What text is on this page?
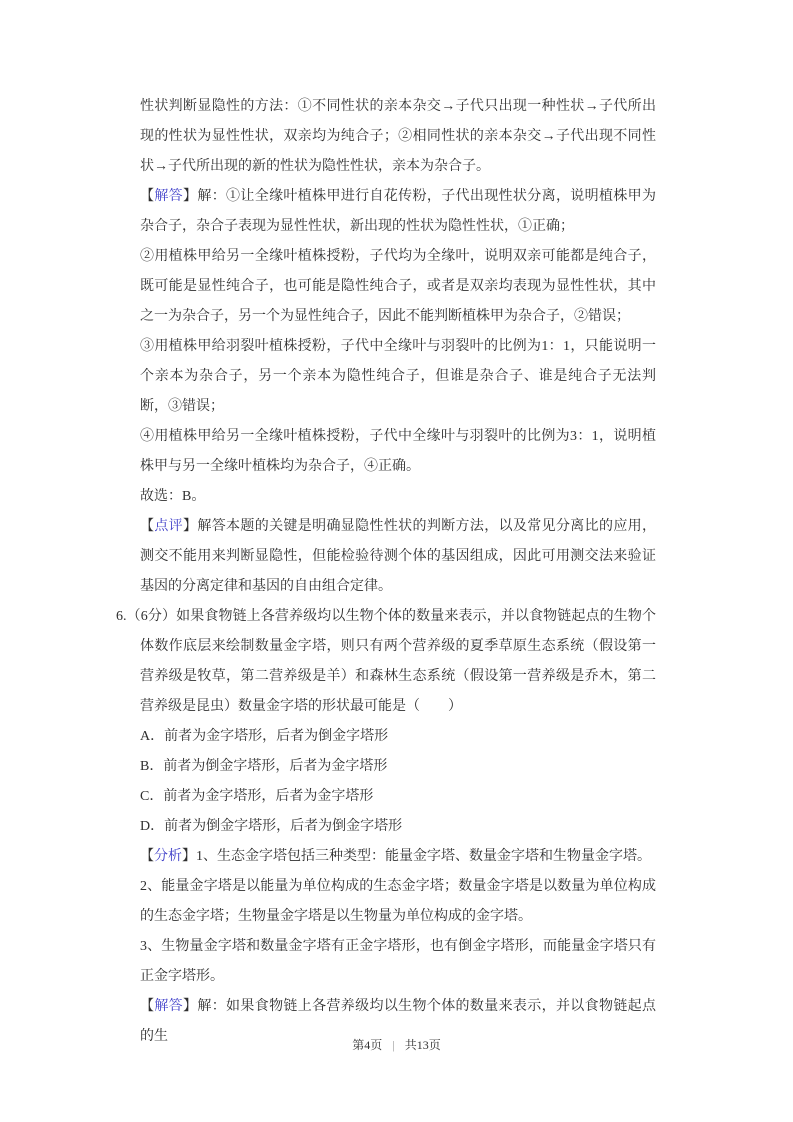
性状判断显隐性的方法：①不同性状的亲本杂交→子代只出现一种性状→子代所出现的性状为显性性状，双亲均为纯合子；②相同性状的亲本杂交→子代出现不同性状→子代所出现的新的性状为隐性性状，亲本为杂合子。

【解答】解：①让全缘叶植株甲进行自花传粉，子代出现性状分离，说明植株甲为杂合子，杂合子表现为显性性状，新出现的性状为隐性性状，①正确；

②用植株甲给另一全缘叶植株授粉，子代均为全缘叶，说明双亲可能都是纯合子，既可能是显性纯合子，也可能是隐性纯合子，或者是双亲均表现为显性性状，其中之一为杂合子，另一个为显性纯合子，因此不能判断植株甲为杂合子，②错误；

③用植株甲给羽裂叶植株授粉，子代中全缘叶与羽裂叶的比例为1：1，只能说明一个亲本为杂合子，另一个亲本为隐性纯合子，但谁是杂合子、谁是纯合子无法判断，③错误；

④用植株甲给另一全缘叶植株授粉，子代中全缘叶与羽裂叶的比例为3：1，说明植株甲与另一全缘叶植株均为杂合子，④正确。

故选：B。

【点评】解答本题的关键是明确显隐性性状的判断方法，以及常见分离比的应用，测交不能用来判断显隐性，但能检验待测个体的基因组成，因此可用测交法来验证基因的分离定律和基因的自由组合定律。

6.（6分）如果食物链上各营养级均以生物个体的数量来表示，并以食物链起点的生物个体数作底层来绘制数量金字塔，则只有两个营养级的夏季草原生态系统（假设第一营养级是牧草，第二营养级是羊）和森林生态系统（假设第一营养级是乔木，第二营养级是昆虫）数量金字塔的形状最可能是（　　）

A．前者为金字塔形，后者为倒金字塔形

B．前者为倒金字塔形，后者为金字塔形

C．前者为金字塔形，后者为金字塔形

D．前者为倒金字塔形，后者为倒金字塔形

【分析】1、生态金字塔包括三种类型：能量金字塔、数量金字塔和生物量金字塔。

2、能量金字塔是以能量为单位构成的生态金字塔；数量金字塔是以数量为单位构成的生态金字塔；生物量金字塔是以生物量为单位构成的金字塔。

3、生物量金字塔和数量金字塔有正金字塔形，也有倒金字塔形，而能量金字塔只有正金字塔形。

【解答】解：如果食物链上各营养级均以生物个体的数量来表示，并以食物链起点的生

第4页 | 共13页
